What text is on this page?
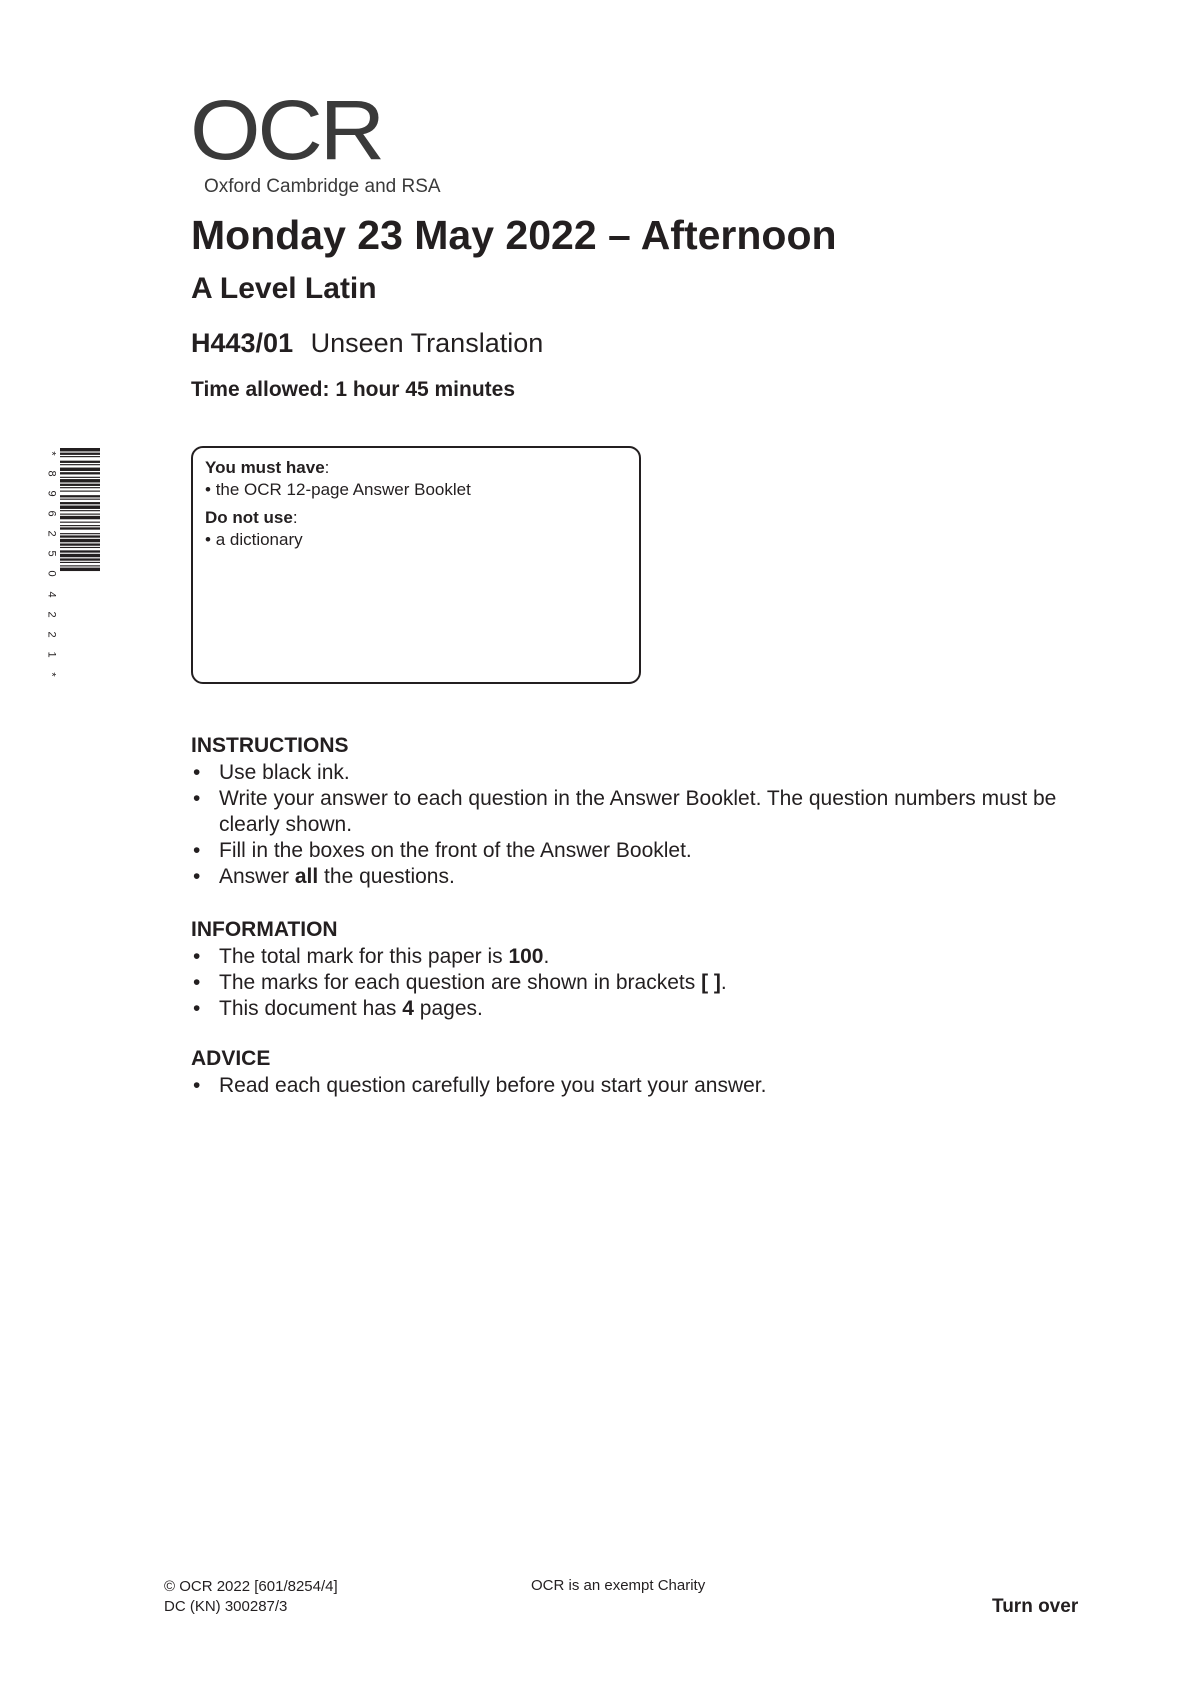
OCR
Oxford Cambridge and RSA
Monday 23 May 2022 – Afternoon
A Level Latin
H443/01 Unseen Translation
Time allowed: 1 hour 45 minutes
*
8
9
6
2
5
0
4
2
2
1
*
You must have:
• the OCR 12-page Answer Booklet
Do not use:
• a dictionary
INSTRUCTIONS
• Use black ink.
• Write your answer to each question in the Answer Booklet. The question numbers must be clearly shown.
• Fill in the boxes on the front of the Answer Booklet.
• Answer all the questions.
INFORMATION
• The total mark for this paper is 100.
• The marks for each question are shown in brackets [ ].
• This document has 4 pages.
ADVICE
• Read each question carefully before you start your answer.
© OCR 2022 [601/8254/4]
DC (KN) 300287/3
OCR is an exempt Charity
Turn over
